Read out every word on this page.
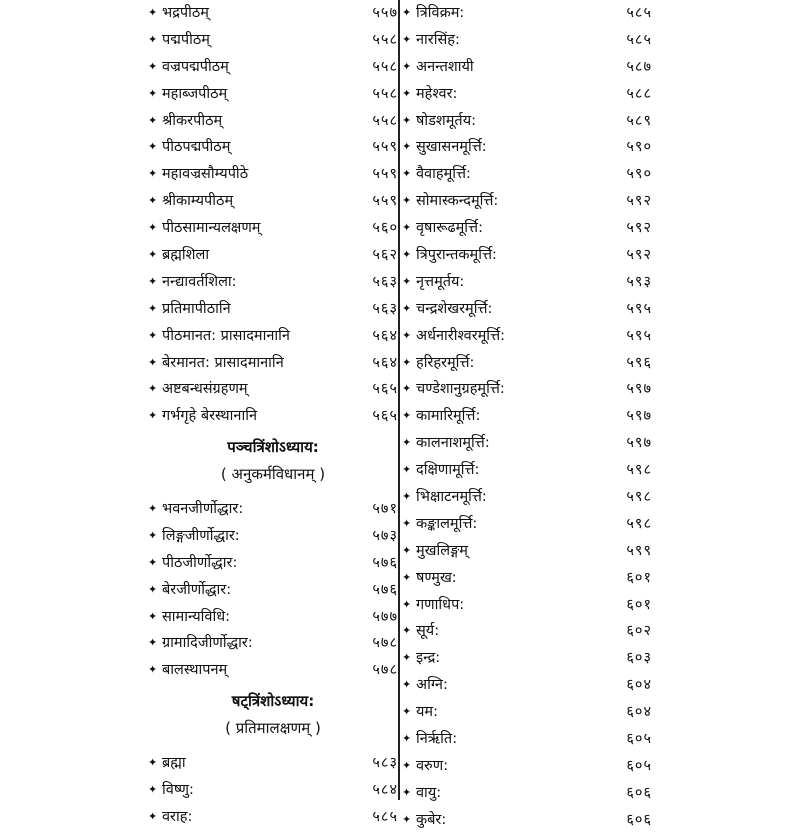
✦ भद्रपीठम्	५५७
✦ पद्मपीठम्	५५८
✦ वज्रपद्मपीठम्	५५८
✦ महाब्जपीठम्	५५८
✦ श्रीकरपीठम्	५५८
✦ पीठपद्मपीठम्	५५९
✦ महावज्रसौम्यपीठे	५५९
✦ श्रीकाम्यपीठम्	५५९
✦ पीठसामान्यलक्षणम्	५६०
✦ ब्रह्मशिला	५६२
✦ नन्द्यावर्तशिला:	५६३
✦ प्रतिमापीठानि	५६३
✦ पीठमानत: प्रासादमानानि	५६४
✦ बेरमानत: प्रासादमानानि	५६४
✦ अष्टबन्धसंग्रहणम्	५६५
✦ गर्भगृहे बेरस्थानानि	५६५
पञ्चत्रिंशोऽध्याय:
( अनुकर्मविधानम् )
✦ भवनजीर्णोद्धार:	५७१
✦ लिङ्गजीर्णोद्धार:	५७३
✦ पीठजीर्णोद्धार:	५७६
✦ बेरजीर्णोद्धार:	५७६
✦ सामान्यविधि:	५७७
✦ ग्रामादिजीर्णोद्धार:	५७८
✦ बालस्थापनम्	५७८
षट्त्रिंशोऽध्याय:
( प्रतिमालक्षणम् )
✦ ब्रह्मा	५८३
✦ विष्णु:	५८४
✦ वराह:	५८५
✦ त्रिविक्रम:	५८५
✦ नारसिंह:	५८५
✦ अनन्तशायी	५८७
✦ महेश्वर:	५८८
✦ षोडशमूर्तय:	५८९
✦ सुखासनमूर्त्ति:	५९०
✦ वैवाहमूर्त्ति:	५९०
✦ सोमास्कन्दमूर्त्ति:	५९२
✦ वृषारूढमूर्त्ति:	५९२
✦ त्रिपुरान्तकमूर्त्ति:	५९२
✦ नृत्तमूर्तय:	५९३
✦ चन्द्रशेखरमूर्त्ति:	५९५
✦ अर्धनारीश्वरमूर्त्ति:	५९५
✦ हरिहरमूर्त्ति:	५९६
✦ चण्डेशानुग्रहमूर्त्ति:	५९७
✦ कामारिमूर्त्ति:	५९७
✦ कालनाशमूर्त्ति:	५९७
✦ दक्षिणामूर्त्ति:	५९८
✦ भिक्षाटनमूर्त्ति:	५९८
✦ कङ्कालमूर्त्ति:	५९८
✦ मुखलिङ्गम्	५९९
✦ षण्मुख:	६०१
✦ गणाधिप:	६०१
✦ सूर्य:	६०२
✦ इन्द्र:	६०३
✦ अग्नि:	६०४
✦ यम:	६०४
✦ निर्ऋति:	६०५
✦ वरुण:	६०५
✦ वायु:	६०६
✦ कुबेर:	६०६
